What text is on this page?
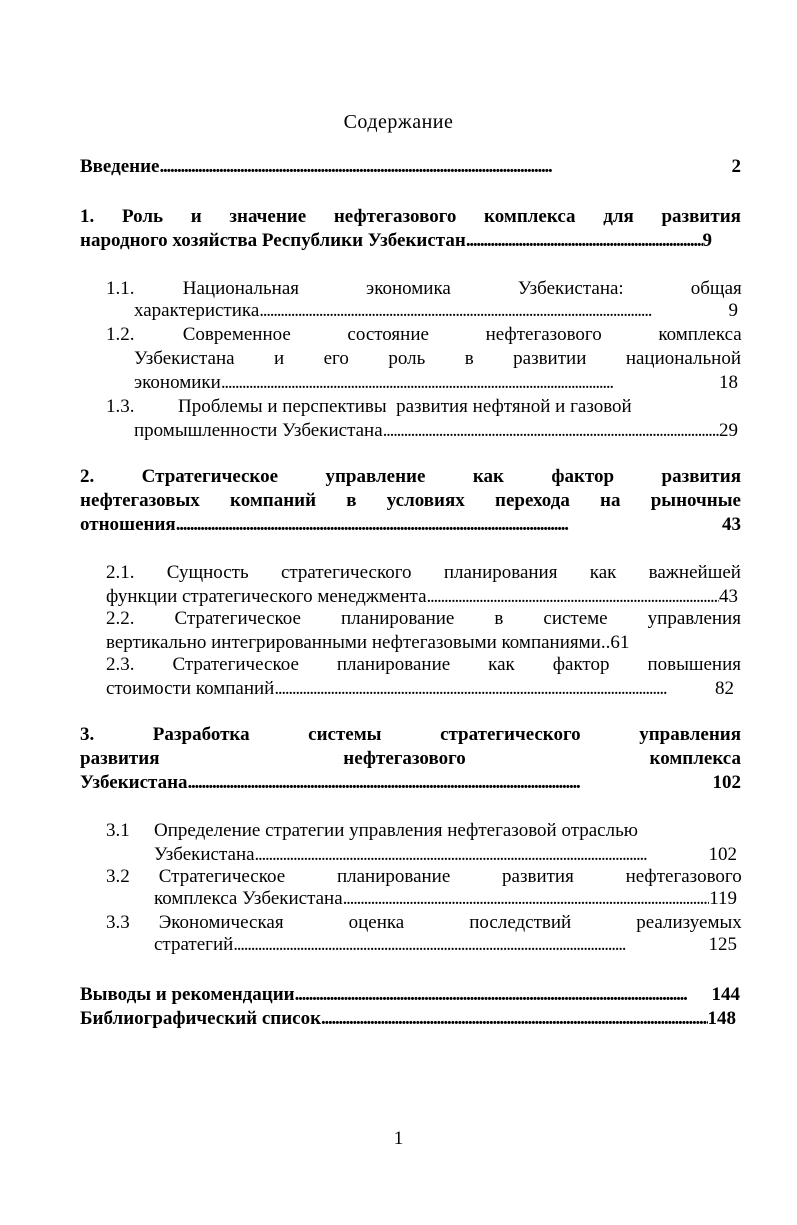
Содержание
Введение . . .	2
1. Роль и значение нефтегазового комплекса для развития
народного хозяйства Республики Узбекистан . . .	9
1.1.	Национальная	экономика	Узбекистана:	общая
характеристика . . .	9
1.2.	Современное	состояние	нефтегазового	комплекса
Узбекистана и его роль в развитии национальной
экономики . . .	18
1.3. Проблемы и перспективы  развития нефтяной и газовой
промышленности Узбекистана . . .	29
2. Стратегическое управление как фактор развития
нефтегазовых компаний в условиях перехода на рыночные
отношения . . .	43
2.1. Сущность стратегического планирования как важнейшей
функции стратегического менеджмента . . .	43
2.2. Стратегическое планирование в системе управления
вертикально интегрированными нефтегазовыми компаниями..61
2.3. Стратегическое планирование как фактор повышения
стоимости компаний . . .	82
3.	Разработка	системы	стратегического	управления
развития	нефтегазового	комплекса
Узбекистана . . .	102
3.1 Определение стратегии управления нефтегазовой отраслью
Узбекистана . . .	102
3.2 Стратегическое	планирование	развития	нефтегазового
комплекса Узбекистана . . .	119
3.3 Экономическая	оценка	последствий	реализуемых
стратегий . . .	125
Выводы и рекомендации . . .	144
Библиографический список . . .	148
1
